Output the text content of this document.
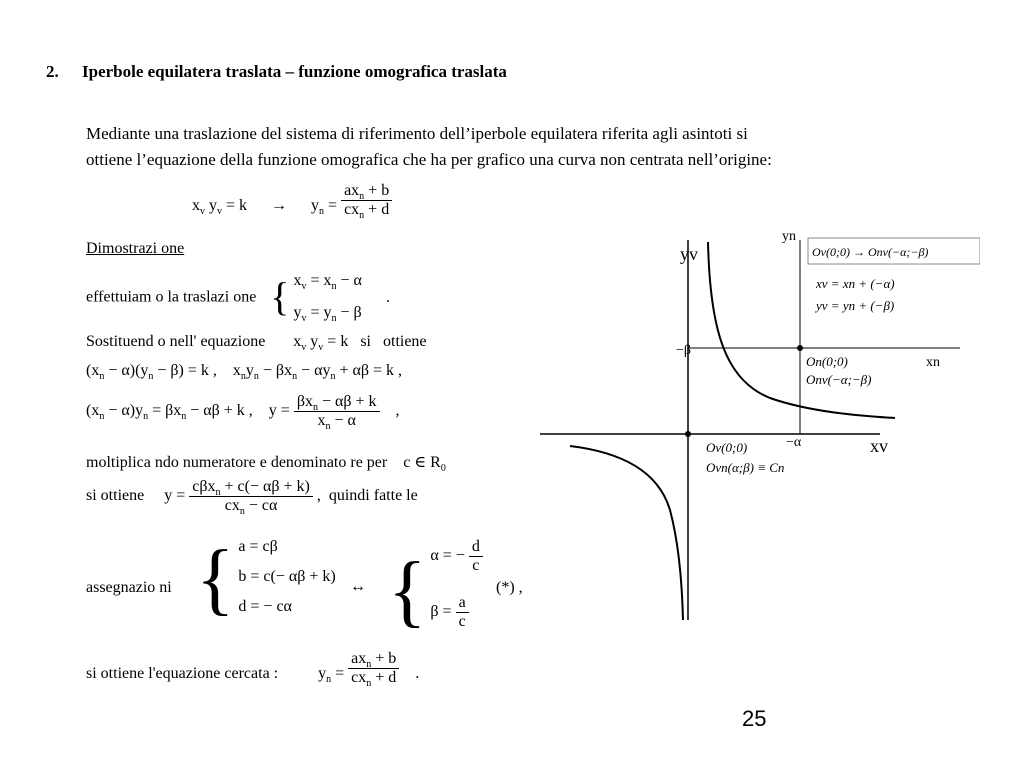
2. Iperbole equilatera traslata – funzione omografica traslata
Mediante una traslazione del sistema di riferimento dell’iperbole equilatera riferita agli asintoti si
ottiene l’equazione della funzione omografica che ha per grafico una curva non centrata nell’origine:
$x_v$ $y_v = k$      →      $y_n = \frac{ax_n + b}{cx_n + d}$
Dimostrazi one
effettuiam o la traslazi one { $x_v = x_n - \alpha$
$y_v = y_n - \beta$ .
Sostituend o nell' equazione       $x_v$ $y_v = k$   si   ottiene
$(x_n - \alpha)(y_n - \beta) = k$ ,    $x_ny_n - \beta x_n - \alpha y_n + \alpha\beta = k$ ,
$(x_n - \alpha)y_n = \beta x_n - \alpha\beta + k$ ,    $y = \frac{\beta x_n - \alpha\beta + k}{x_n - \alpha}$ ,
moltiplica ndo numeratore e denominato re per    c ∈ $R_0$
si ottiene     $y = \frac{c\beta x_n + c(- \alpha\beta + k)}{cx_n - c\alpha}$ ,  quindi fatte le
assegnazio ni { a = cβ
b = c(− αβ + k)
d = − cα
↔ { α = − $\frac{d}{c}$

$\beta = \frac{a}{c}$
(*) ,
si ottiene l'equazione cercata :	$y_n = \frac{ax_n + b}{cx_n + d}$ .
yv
yn
xn
xv
Ov(0;0) → Onv(−α;−β)
xv = xn + (−α)
yv = yn + (−β)
−β
−α
On(0;0)
Onv(−α;−β)
Ov(0;0)
Ovn(α;β) ≡ Cn
25
